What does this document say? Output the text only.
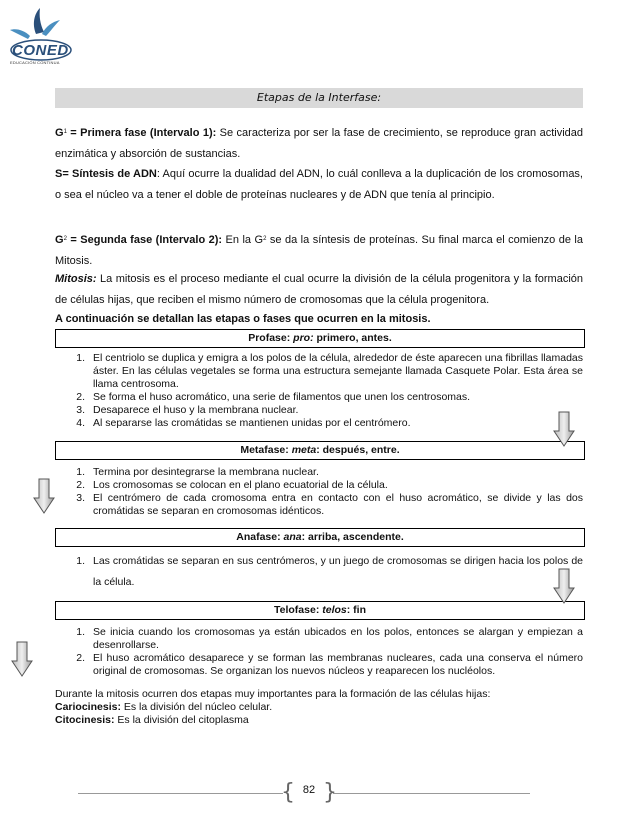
CONED
EDUCACIÓN CONTINUA
Etapas de la Interfase:
$G^1$ = Primera fase (Intervalo 1): Se caracteriza por ser la fase de crecimiento, se reproduce gran actividad enzimática y absorción de sustancias.
S= Síntesis de ADN: Aquí ocurre la dualidad del ADN, lo cuál conlleva a la duplicación de los cromosomas, o sea el núcleo va a tener el doble de proteínas nucleares y de ADN que tenía al principio.
$G^2$ = Segunda fase (Intervalo 2): En la $G^2$ se da la síntesis de proteínas. Su final marca el comienzo de la Mitosis.
Mitosis: La mitosis es el proceso mediante el cual ocurre la división de la célula progenitora y la formación de células hijas, que reciben el mismo número de cromosomas que la célula progenitora.
A continuación se detallan las etapas o fases que ocurren en la mitosis.
Profase: pro: primero, antes.
1. El centriolo se duplica y emigra a los polos de la célula, alrededor de éste aparecen una fibrillas llamadas áster. En las células vegetales se forma una estructura semejante llamada Casquete Polar. Esta área se llama centrosoma.
2. Se forma el huso acromático, una serie de filamentos que unen los centrosomas.
3. Desaparece el huso y la membrana nuclear.
4. Al separarse las cromátidas se mantienen unidas por el centrómero.
Metafase: meta: después, entre.
1. Termina por desintegrarse la membrana nuclear.
2. Los cromosomas se colocan en el plano ecuatorial de la célula.
3. El centrómero de cada cromosoma entra en contacto con el huso acromático, se divide y las dos cromátidas se separan en cromosomas idénticos.
Anafase: ana: arriba, ascendente.
1. Las cromátidas se separan en sus centrómeros, y un juego de cromosomas se dirigen hacia los polos de la célula.
Telofase: telos: fin
1. Se inicia cuando los cromosomas ya están ubicados en los polos, entonces se alargan y empiezan a desenrollarse.
2. El huso acromático desaparece y se forman las membranas nucleares, cada una conserva el número original de cromosomas. Se organizan los nuevos núcleos y reaparecen los nucléolos.
Durante la mitosis ocurren dos etapas muy importantes para la formación de las células hijas:
Cariocinesis: Es la división del núcleo celular.
Citocinesis: Es la división del citoplasma
{ }
82
